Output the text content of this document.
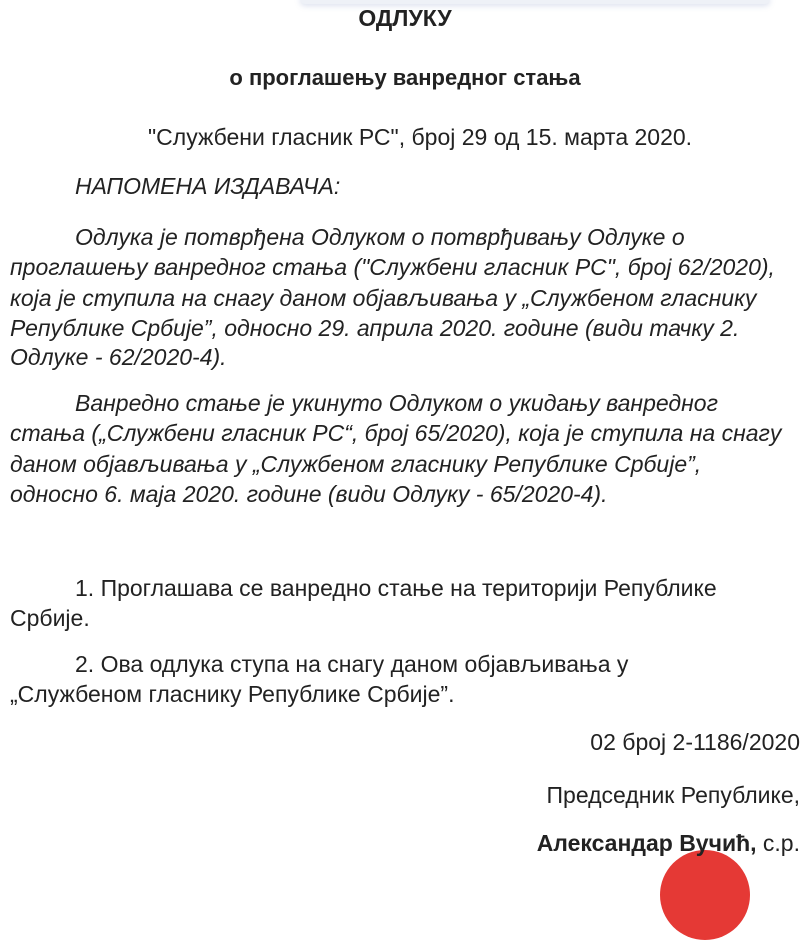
ОДЛУКУ
о проглашењу ванредног стања
"Службени гласник РС", број 29 од 15. марта 2020.
НАПОМЕНА ИЗДАВАЧА:
Одлука је потврђена Одлуком о потврђивању Одлуке о
проглашењу ванредног стања ("Службени гласник РС", број 62/2020),
која је ступила на снагу даном објављивања у „Службеном гласнику
Републике Србије”, односно 29. априла 2020. године (види тачку 2.
Одлуке - 62/2020-4).
Ванредно стање је укинуто Одлуком о укидању ванредног
стања („Службени гласник РС“, број 65/2020), која је ступила на снагу
даном објављивања у „Службеном гласнику Републике Србије”,
односно 6. маја 2020. године (види Одлуку - 65/2020-4).
1. Проглашава се ванредно стање на територији Републике
Србије.
2. Ова одлука ступа на снагу даном објављивања у
„Службеном гласнику Републике Србије”.
02 број 2-1186/2020
Председник Републике,
Александар Вучић, с.р.
